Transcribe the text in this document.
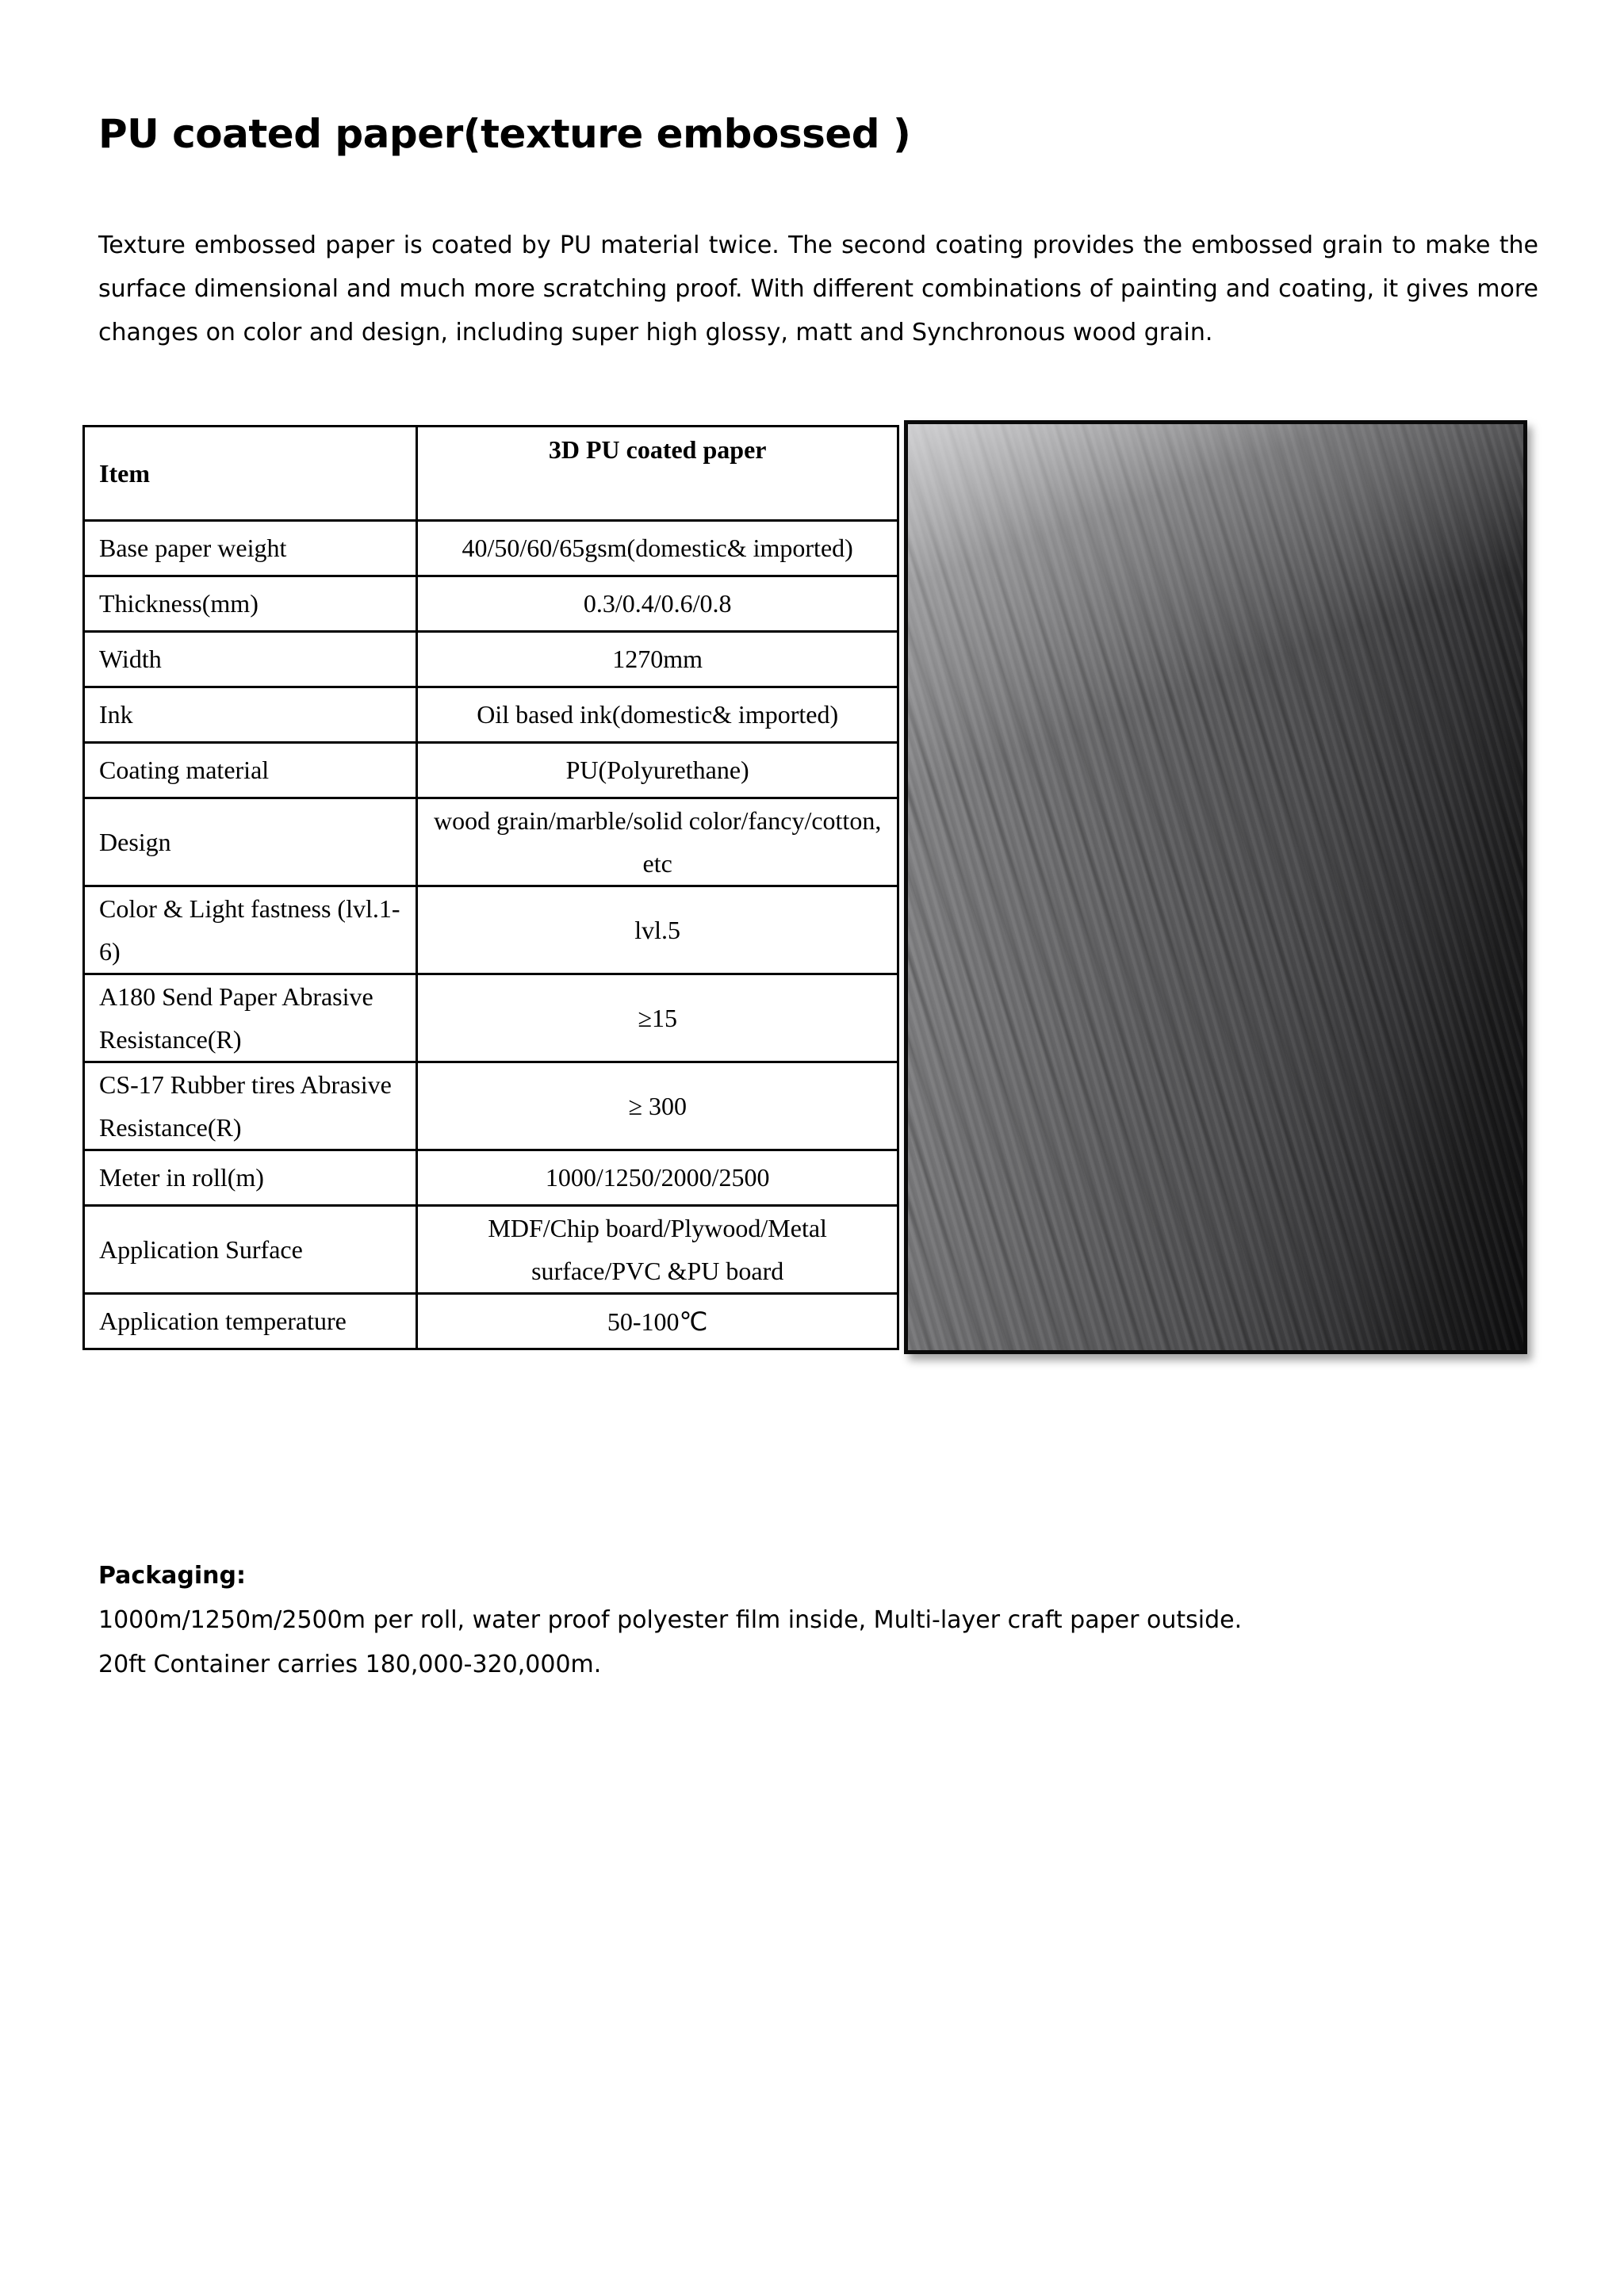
PU coated paper(texture embossed )

Texture embossed paper is coated by PU material twice. The second coating provides the embossed grain to make the surface dimensional and much more scratching proof. With different combinations of painting and coating, it gives more changes on color and design, including super high glossy, matt and Synchronous wood grain.

Item	3D PU coated paper
Base paper weight	40/50/60/65gsm(domestic& imported)
Thickness(mm)	0.3/0.4/0.6/0.8
Width	1270mm
Ink	Oil based ink(domestic& imported)
Coating material	PU(Polyurethane)
Design	wood grain/marble/solid color/fancy/cotton, etc
Color & Light fastness (lvl.1-6)	lvl.5
A180 Send Paper Abrasive Resistance(R)	≥15
CS-17 Rubber tires Abrasive Resistance(R)	≥ 300
Meter in roll(m)	1000/1250/2000/2500
Application Surface	MDF/Chip board/Plywood/Metal surface/PVC &PU board
Application temperature	50-100℃

Packaging:

1000m/1250m/2500m per roll, water proof polyester film inside, Multi-layer craft paper outside.

20ft Container carries 180,000-320,000m.
